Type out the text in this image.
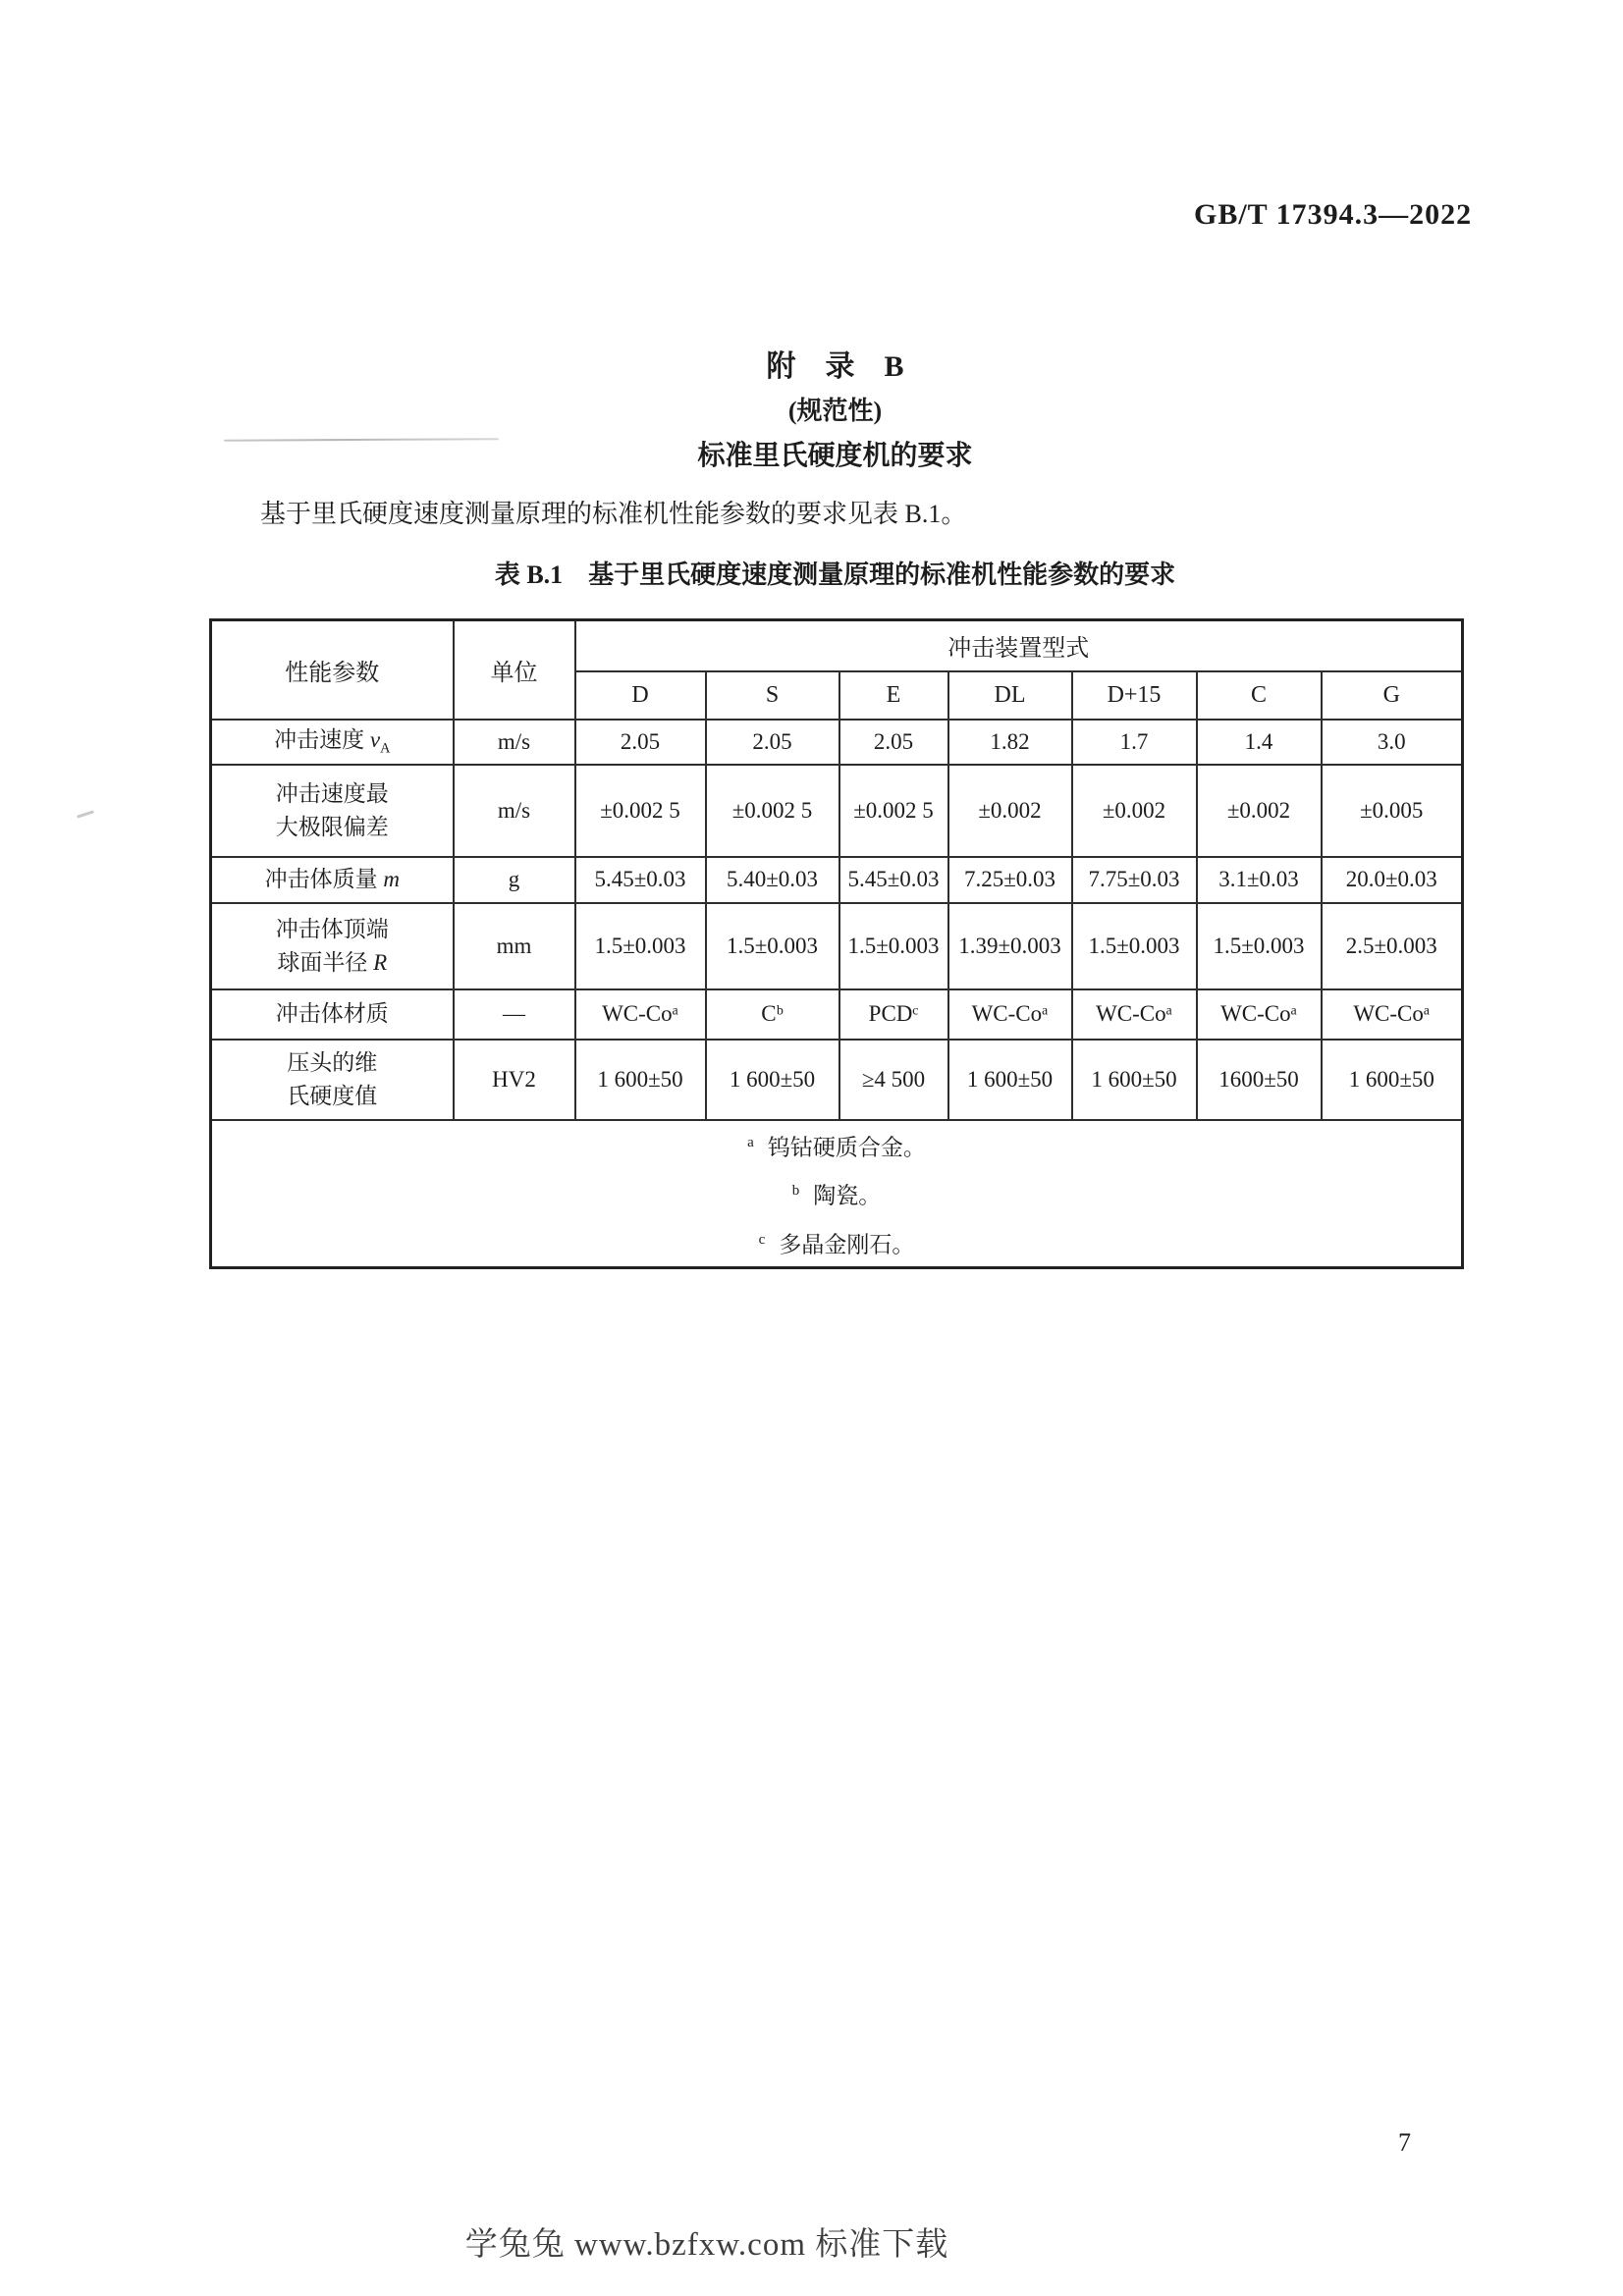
GB/T 17394.3—2022
附　录　B
(规范性)
标准里氏硬度机的要求
基于里氏硬度速度测量原理的标准机性能参数的要求见表 B.1。
表 B.1　基于里氏硬度速度测量原理的标准机性能参数的要求
性能参数	单位	冲击装置型式						
		D	S	E	DL	D+15	C	G

冲击速度 $v_A$	m/s	2.05	2.05	2.05	1.82	1.7	1.4	3.0

冲击速度最
大极限偏差	m/s	±0.002 5	±0.002 5	±0.002 5	±0.002	±0.002	±0.002	±0.005

冲击体质量 m	g	5.45±0.03	5.40±0.03	5.45±0.03	7.25±0.03	7.75±0.03	3.1±0.03	20.0±0.03

冲击体顶端
球面半径 R	mm	1.5±0.003	1.5±0.003	1.5±0.003	1.39±0.003	1.5±0.003	1.5±0.003	2.5±0.003

冲击体材质	—	WC-Coᵃ	Cᵇ	PCDᶜ	WC-Coᵃ	WC-Coᵃ	WC-Coᵃ	WC-Coᵃ

压头的维
氏硬度值	HV2	1 600±50	1 600±50	≥4 500	1 600±50	1 600±50	1600±50	1 600±50

$^a$ 钨钴硬质合金。
$^b$ 陶瓷。
$^c$ 多晶金刚石。								
7
学兔兔 www.bzfxw.com 标准下载
